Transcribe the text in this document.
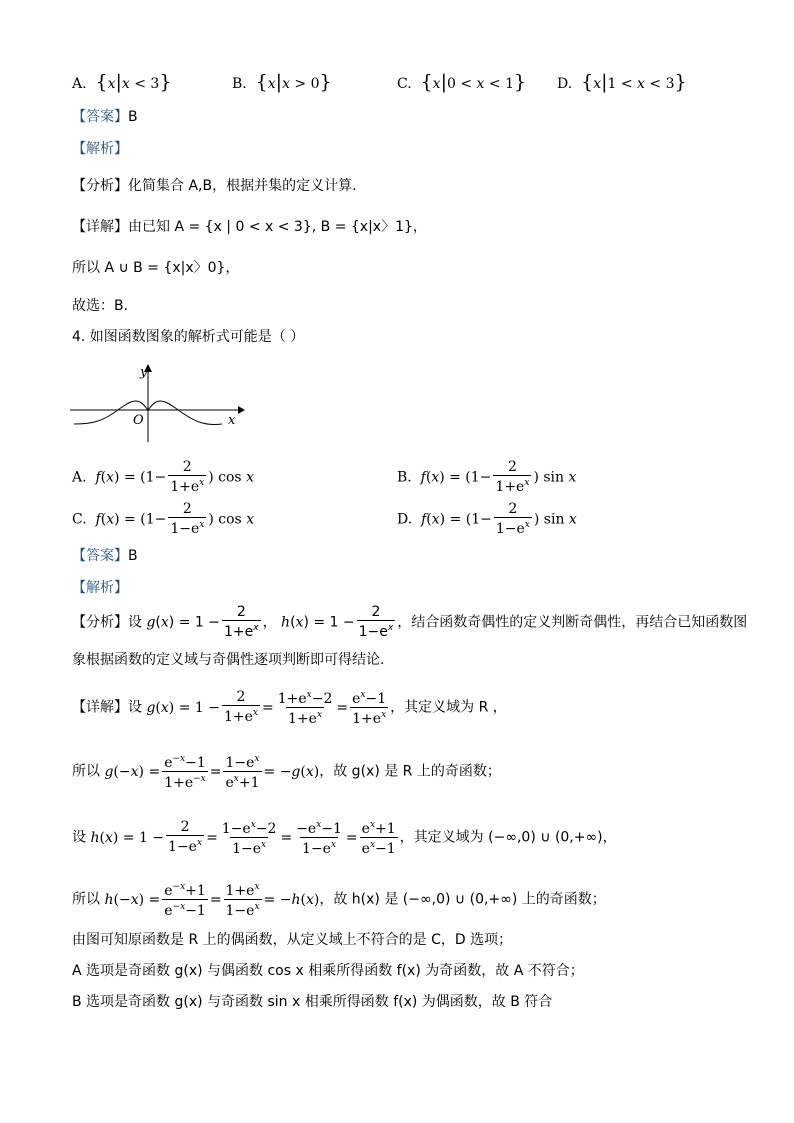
A. {x|x < 3}	B. {x|x > 0}	C. {x|0 < x < 1} D. {x|1 < x < 3}
【答案】B
【解析】
【分析】化简集合 A,B，根据并集的定义计算.
【详解】由已知 A = {x | 0 < x < 3}, B = {x|x〉1}，
所以 A ∪ B = {x|x〉0}，
故选：B.
4. 如图函数图象的解析式可能是（ ）
y
x
O
A. $f(x) = (1- \frac{2}{1+e^x}$ ) cos x	B. $f(x) = (1- \frac{2}{1+e^x}$ ) sin x
C. $f(x) = (1- \frac{2}{1-e^x}$ ) cos x	D. $f(x) = (1- \frac{2}{1-e^x}$ ) sin x
【答案】B
【解析】
【分析】设 $g(x) = 1 - \frac{2}{1+e^x}$ ， $h(x) = 1 - \frac{2}{1-e^x}$ ，结合函数奇偶性的定义判断奇偶性，再结合已知函数图
象根据函数的定义域与奇偶性逐项判断即可得结论.
【详解】设 $g(x) = 1 - \frac{2}{1+e^x} = \frac{1+e^x-2}{1+e^x} = \frac{e^x-1}{1+e^x}$ ，其定义域为 R ，
所以 $g(-x) = \frac{e^{-x}-1}{1+e^{-x}} = \frac{1-e^x}{e^x+1} = -g(x)$，故 g(x) 是 R 上的奇函数；
设 $h(x) = 1 - \frac{2}{1-e^x} = \frac{1-e^x-2}{1-e^x} = \frac{-e^x-1}{1-e^x} = \frac{e^x+1}{e^x-1}$ ，其定义域为 (−∞,0) ∪ (0,+∞)，
所以 $h(-x) = \frac{e^{-x}+1}{e^{-x}-1} = \frac{1+e^x}{1-e^x} = -h(x)$，故 h(x) 是 (−∞,0) ∪ (0,+∞) 上的奇函数；
由图可知原函数是 R 上的偶函数，从定义域上不符合的是 C，D 选项；
A 选项是奇函数 g(x) 与偶函数 cos x 相乘所得函数 f(x) 为奇函数，故 A 不符合；
B 选项是奇函数 g(x) 与奇函数 sin x 相乘所得函数 f(x) 为偶函数，故 B 符合
